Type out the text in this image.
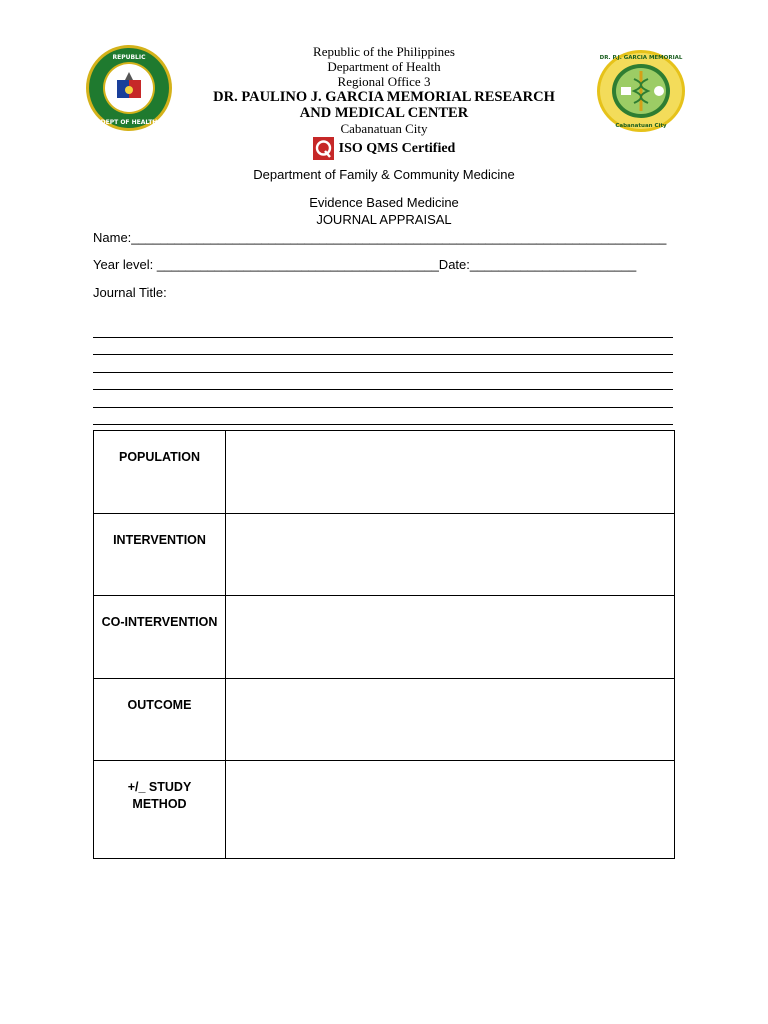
REPUBLIC
DEPT OF HEALTH
Republic of the Philippines
Department of Health
Regional Office 3
DR. PAULINO J. GARCIA MEMORIAL RESEARCH
AND MEDICAL CENTER
Cabanatuan City
ISO QMS Certified
DR. P.J. GARCIA MEMORIAL
Cabanatuan City
Department of Family & Community Medicine
Evidence Based Medicine
JOURNAL APPRAISAL
Name:__________________________________________________________________________
Year level: _______________________________________Date:_______________________
Journal Title:
POPULATION
INTERVENTION
CO-INTERVENTION
OUTCOME
+/_ STUDY METHOD
